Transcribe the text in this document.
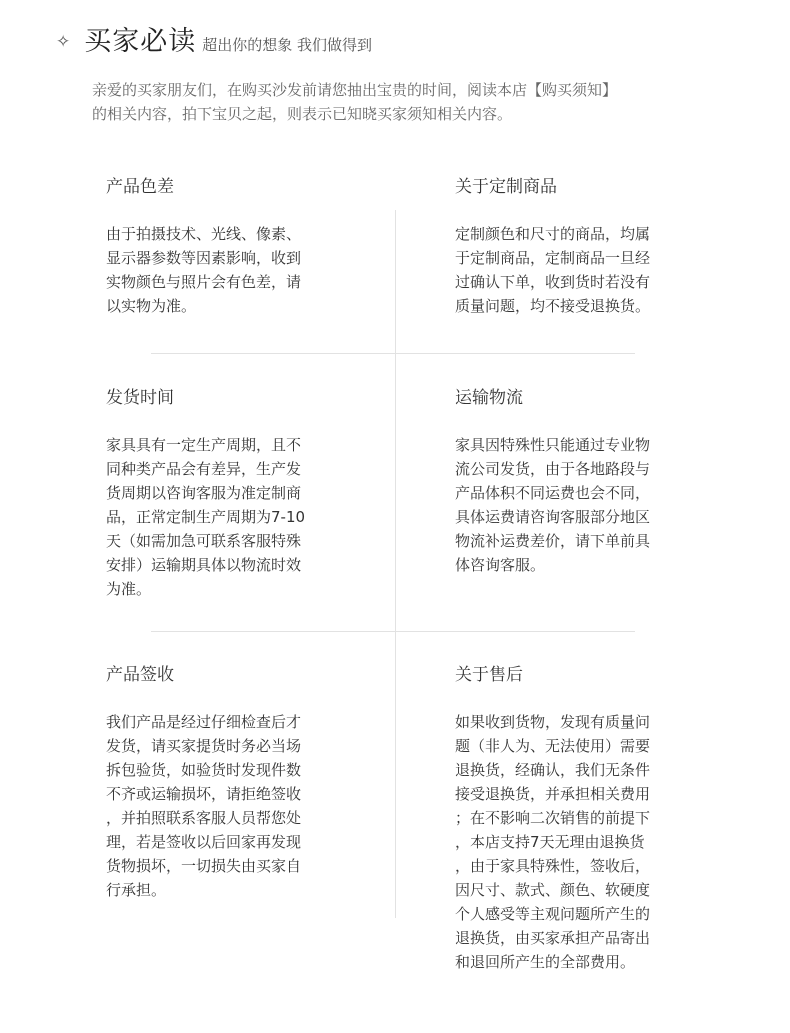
✧ 买家必读 超出你的想象 我们做得到
亲爱的买家朋友们，在购买沙发前请您抽出宝贵的时间，阅读本店【购买须知】
的相关内容，拍下宝贝之起，则表示已知晓买家须知相关内容。
产品色差
由于拍摄技术、光线、像素、
显示器参数等因素影响，收到
实物颜色与照片会有色差，请
以实物为准。
关于定制商品
定制颜色和尺寸的商品，均属
于定制商品，定制商品一旦经
过确认下单，收到货时若没有
质量问题，均不接受退换货。
发货时间
家具具有一定生产周期，且不
同种类产品会有差异，生产发
货周期以咨询客服为准定制商
品，正常定制生产周期为7-10
天（如需加急可联系客服特殊
安排）运输期具体以物流时效
为准。
运输物流
家具因特殊性只能通过专业物
流公司发货，由于各地路段与
产品体积不同运费也会不同，
具体运费请咨询客服部分地区
物流补运费差价，请下单前具
体咨询客服。
产品签收
我们产品是经过仔细检查后才
发货，请买家提货时务必当场
拆包验货，如验货时发现件数
不齐或运输损坏，请拒绝签收
，并拍照联系客服人员帮您处
理，若是签收以后回家再发现
货物损坏，一切损失由买家自
行承担。
关于售后
如果收到货物，发现有质量问
题（非人为、无法使用）需要
退换货，经确认，我们无条件
接受退换货，并承担相关费用
；在不影响二次销售的前提下
，本店支持7天无理由退换货
，由于家具特殊性，签收后，
因尺寸、款式、颜色、软硬度
个人感受等主观问题所产生的
退换货，由买家承担产品寄出
和退回所产生的全部费用。
